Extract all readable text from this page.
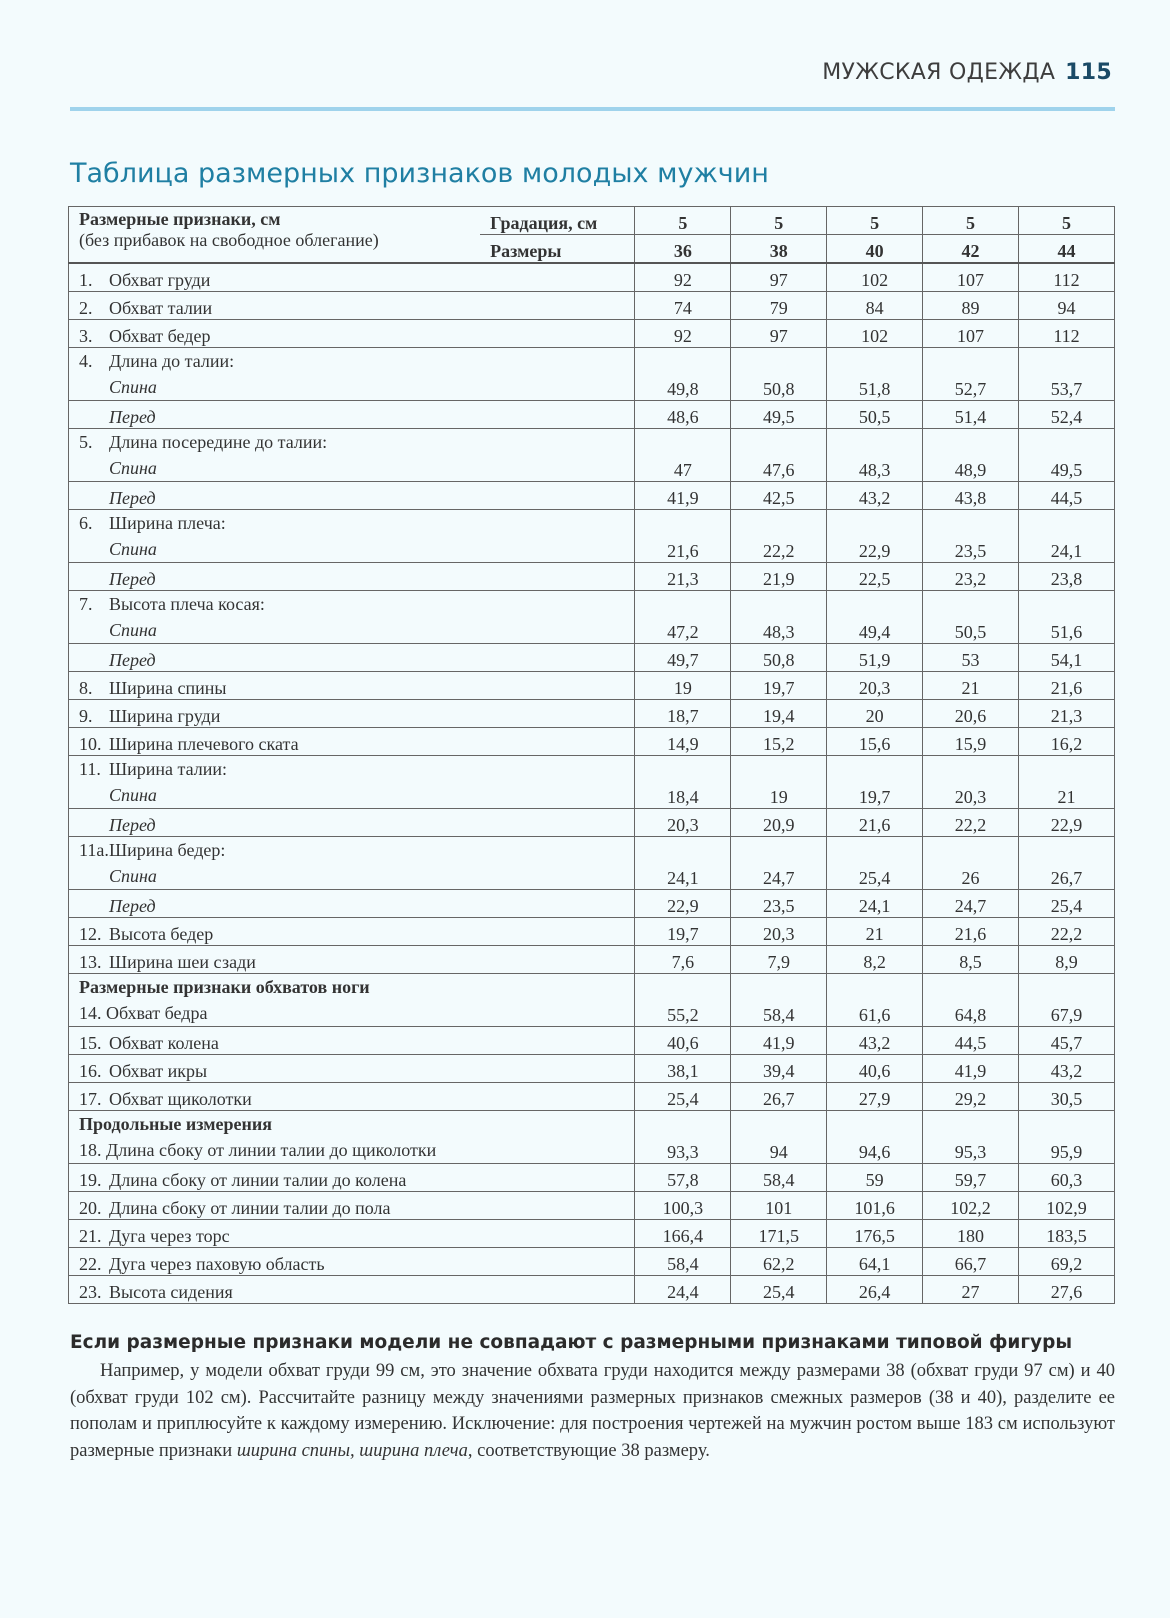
МУЖСКАЯ ОДЕЖДА 115
Таблица размерных признаков молодых мужчин
Размерные признаки, см
(без прибавок на свободное облегание)	Градация, см	5	5	5	5	5
	Размеры	36	38	40	42	44
1. Обхват груди		92	97	102	107	112
2. Обхват талии		74	79	84	89	94
3. Обхват бедер		92	97	102	107	112

4. Длина до талии:
Спина		49,8	50,8	51,8	52,7	53,7

Перед		48,6	49,5	50,5	51,4	52,4

5. Длина посередине до талии:
Спина		47	47,6	48,3	48,9	49,5

Перед		41,9	42,5	43,2	43,8	44,5

6. Ширина плеча:
Спина		21,6	22,2	22,9	23,5	24,1

Перед		21,3	21,9	22,5	23,2	23,8

7. Высота плеча косая:
Спина		47,2	48,3	49,4	50,5	51,6

Перед		49,7	50,8	51,9	53	54,1
8. Ширина спины		19	19,7	20,3	21	21,6
9. Ширина груди		18,7	19,4	20	20,6	21,3
10. Ширина плечевого ската		14,9	15,2	15,6	15,9	16,2

11. Ширина талии:
Спина		18,4	19	19,7	20,3	21

Перед		20,3	20,9	21,6	22,2	22,9

11a.Ширина бедер:
Спина		24,1	24,7	25,4	26	26,7

Перед		22,9	23,5	24,1	24,7	25,4
12. Высота бедер		19,7	20,3	21	21,6	22,2
13. Ширина шеи сзади		7,6	7,9	8,2	8,5	8,9

Размерные признаки обхватов ноги
14. Обхват бедра		55,2	58,4	61,6	64,8	67,9
15. Обхват колена		40,6	41,9	43,2	44,5	45,7
16. Обхват икры		38,1	39,4	40,6	41,9	43,2
17. Обхват щиколотки		25,4	26,7	27,9	29,2	30,5

Продольные измерения
18. Длина сбоку от линии талии до щиколотки		93,3	94	94,6	95,3	95,9
19. Длина сбоку от линии талии до колена		57,8	58,4	59	59,7	60,3
20. Длина сбоку от линии талии до пола		100,3	101	101,6	102,2	102,9
21. Дуга через торс		166,4	171,5	176,5	180	183,5
22. Дуга через паховую область		58,4	62,2	64,1	66,7	69,2
23. Высота сидения		24,4	25,4	26,4	27	27,6
Если размерные признаки модели не совпадают с размерными признаками типовой фигуры
Например, у модели обхват груди 99 см, это значение обхвата груди находится между размерами 38 (обхват груди 97 см) и 40 (обхват груди 102 см). Рассчитайте разницу между значениями размерных признаков смежных размеров (38 и 40), разделите ее пополам и приплюсуйте к каждому измерению. Исключение: для построения чертежей на мужчин ростом выше 183 см используют размерные признаки ширина спины, ширина плеча, соответствующие 38 размеру.
